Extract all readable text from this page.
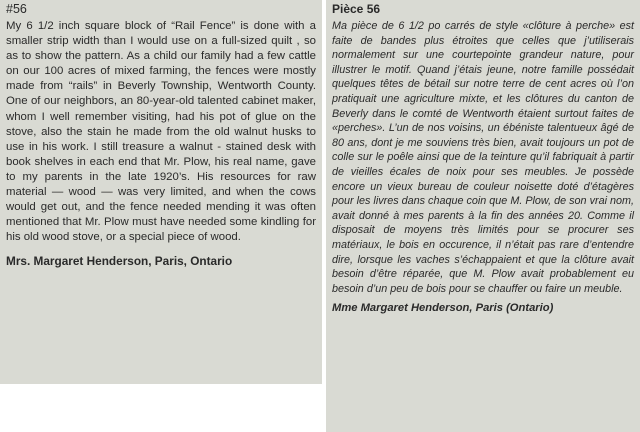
#56

My 6 1/2 inch square block of “Rail Fence” is done with a smaller strip width than I would use on a full-sized quilt , so as to show the pattern. As a child our family had a few cattle on our 100 acres of mixed farming, the fences were mostly made from “rails” in Beverly Township, Wentworth County. One of our neighbors, an 80-year-old talented cabinet maker, whom I well remember visiting, had his pot of glue on the stove, also the stain he made from the old walnut husks to use in his work. I still treasure a walnut - stained desk with book shelves in each end that Mr. Plow, his real name, gave to my parents in the late 1920’s. His resources for raw material — wood — was very limited, and when the cows would get out, and the fence needed mending it was often mentioned that Mr. Plow must have needed some kindling for his old wood stove, or a special piece of wood.

Mrs. Margaret Henderson, Paris, Ontario

Pièce 56

Ma pièce de 6 1/2 po carrés de style «clôture à perche» est faite de bandes plus étroites que celles que j’utiliserais normalement sur une courtepointe grandeur nature, pour illustrer le motif. Quand j’étais jeune, notre famille possédait quelques têtes de bétail sur notre terre de cent acres où l’on pratiquait une agriculture mixte, et les clôtures du canton de Beverly dans le comté de Wentworth étaient surtout faites de «perches». L’un de nos voisins, un ébéniste talentueux âgé de 80 ans, dont je me souviens très bien, avait toujours un pot de colle sur le poêle ainsi que de la teinture qu’il fabriquait à partir de vieilles écales de noix pour ses meubles. Je possède encore un vieux bureau de couleur noisette doté d’étagères pour les livres dans chaque coin que M. Plow, de son vrai nom, avait donné à mes parents à la fin des années 20. Comme il disposait de moyens très limités pour se procurer ses matériaux, le bois en occurence, il n’était pas rare d’entendre dire, lorsque les vaches s’échappaient et que la clôture avait besoin d’être réparée, que M. Plow avait probablement eu besoin d’un peu de bois pour se chauffer ou faire un meuble.

Mme Margaret Henderson, Paris (Ontario)
